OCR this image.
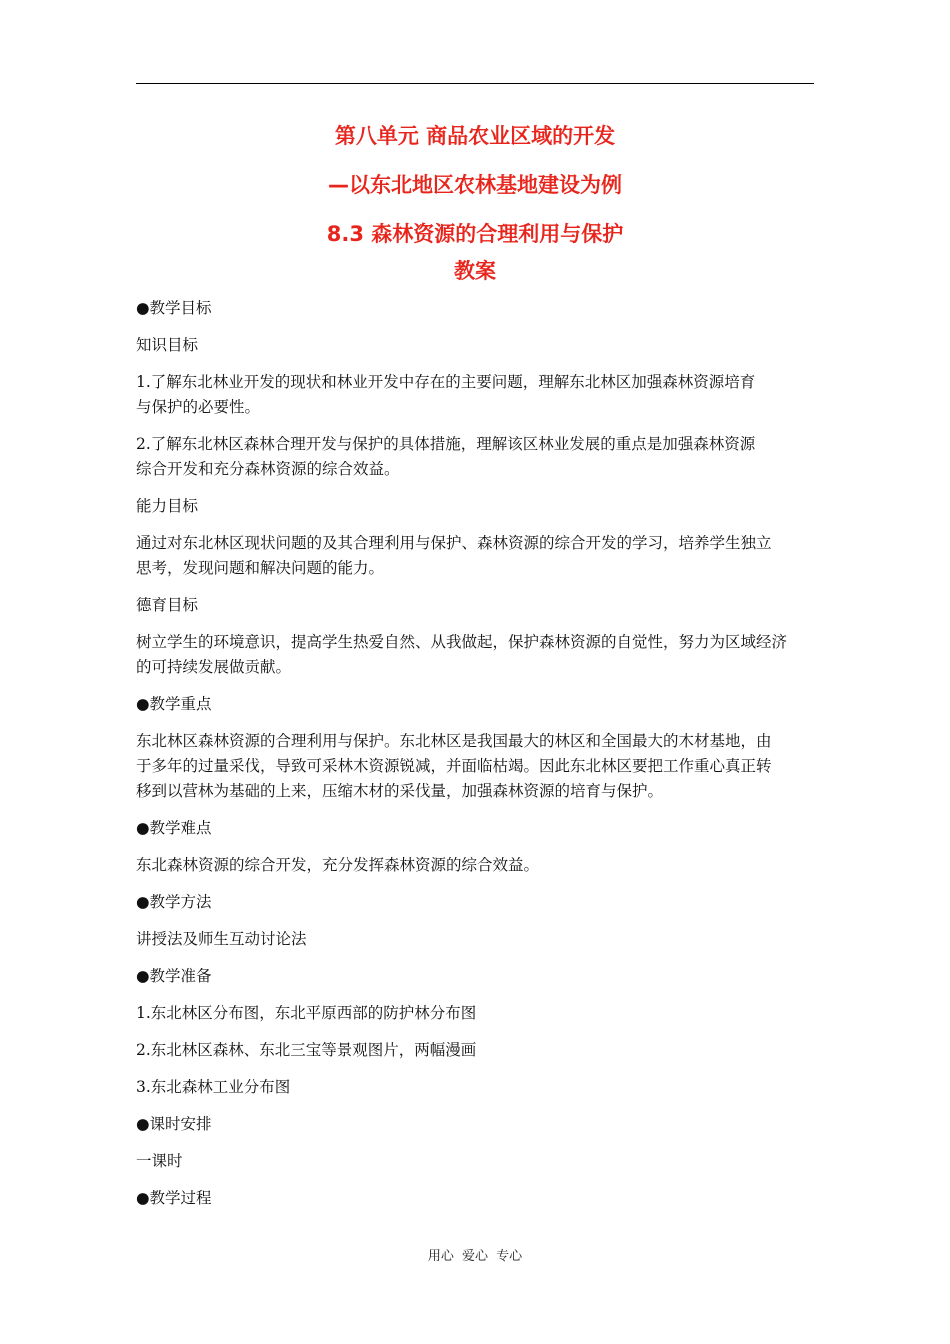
第八单元 商品农业区域的开发
—以东北地区农林基地建设为例
8.3 森林资源的合理利用与保护
教案

●教学目标

知识目标

1.了解东北林业开发的现状和林业开发中存在的主要问题，理解东北林区加强森林资源培育

与保护的必要性。

2.了解东北林区森林合理开发与保护的具体措施，理解该区林业发展的重点是加强森林资源

综合开发和充分森林资源的综合效益。

能力目标

通过对东北林区现状问题的及其合理利用与保护、森林资源的综合开发的学习，培养学生独立

思考，发现问题和解决问题的能力。

德育目标

树立学生的环境意识，提高学生热爱自然、从我做起，保护森林资源的自觉性，努力为区域经济

的可持续发展做贡献。

●教学重点

东北林区森林资源的合理利用与保护。东北林区是我国最大的林区和全国最大的木材基地，由

于多年的过量采伐，导致可采林木资源锐减，并面临枯竭。因此东北林区要把工作重心真正转

移到以营林为基础的上来，压缩木材的采伐量，加强森林资源的培育与保护。

●教学难点

东北森林资源的综合开发，充分发挥森林资源的综合效益。

●教学方法

讲授法及师生互动讨论法

●教学准备

1.东北林区分布图，东北平原西部的防护林分布图

2.东北林区森林、东北三宝等景观图片，两幅漫画

3.东北森林工业分布图

●课时安排

一课时

●教学过程

用心 爱心 专心
